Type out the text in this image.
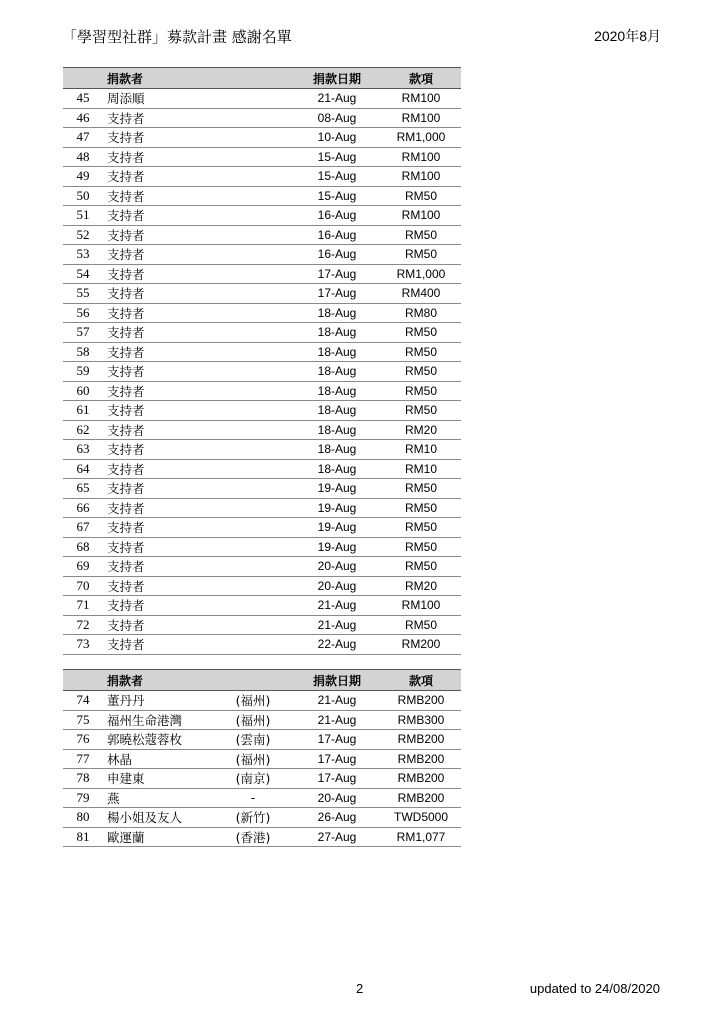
「學習型社群」募款計畫 感謝名單	2020年8月
	捐款者	捐款日期	款項
45	周添順	21-Aug	RM100
46	支持者	08-Aug	RM100
47	支持者	10-Aug	RM1,000
48	支持者	15-Aug	RM100
49	支持者	15-Aug	RM100
50	支持者	15-Aug	RM50
51	支持者	16-Aug	RM100
52	支持者	16-Aug	RM50
53	支持者	16-Aug	RM50
54	支持者	17-Aug	RM1,000
55	支持者	17-Aug	RM400
56	支持者	18-Aug	RM80
57	支持者	18-Aug	RM50
58	支持者	18-Aug	RM50
59	支持者	18-Aug	RM50
60	支持者	18-Aug	RM50
61	支持者	18-Aug	RM50
62	支持者	18-Aug	RM20
63	支持者	18-Aug	RM10
64	支持者	18-Aug	RM10
65	支持者	19-Aug	RM50
66	支持者	19-Aug	RM50
67	支持者	19-Aug	RM50
68	支持者	19-Aug	RM50
69	支持者	20-Aug	RM50
70	支持者	20-Aug	RM20
71	支持者	21-Aug	RM100
72	支持者	21-Aug	RM50
73	支持者	22-Aug	RM200
	捐款者		捐款日期	款項
74	董丹丹	(福州)	21-Aug	RMB200
75	福州生命港灣	(福州)	21-Aug	RMB300
76	郭曉松蔻蓉枚	(雲南)	17-Aug	RMB200
77	林晶	(福州)	17-Aug	RMB200
78	申建東	(南京)	17-Aug	RMB200
79	燕	-	20-Aug	RMB200
80	楊小姐及友人	(新竹)	26-Aug	TWD5000
81	歐運蘭	(香港)	27-Aug	RM1,077
2	updated to 24/08/2020
